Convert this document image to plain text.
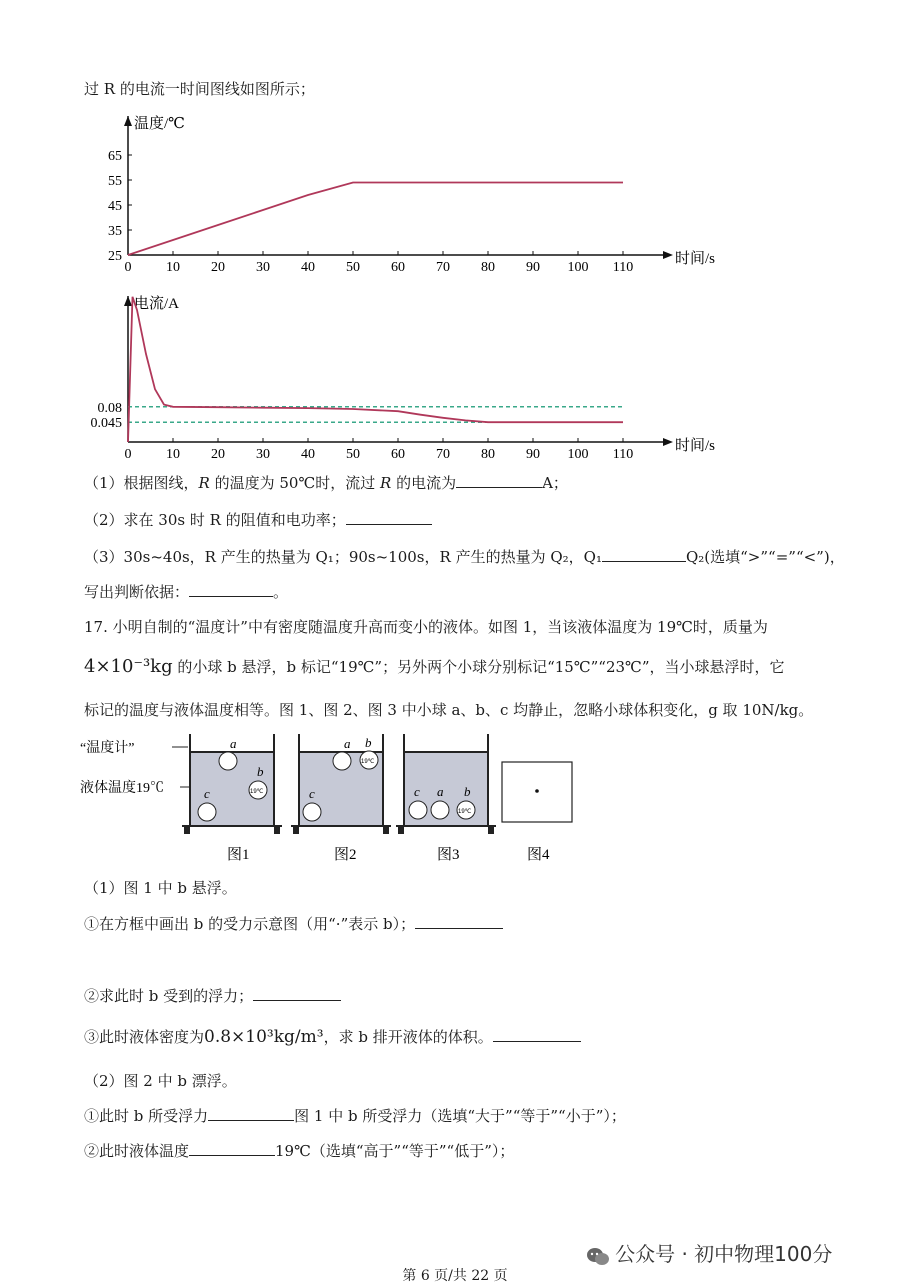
过 R 的电流一时间图线如图所示；
温度/℃
时间/s
0 10 20 30 40 50 60 70 80 90 100 110
65
55
45
35
25
电流/A
时间/s
0 10 20 30 40 50 60 70 80 90 100 110
0.08
0.045
（1）根据图线，R 的温度为 50℃时，流过 R 的电流为	A；
（2）求在 30s 时 R 的阻值和电功率；
（3）30s~40s，R 产生的热量为 Q₁；90s~100s，R 产生的热量为 Q₂，Q₁	Q₂(选填“>”“=”“<”)，
写出判断依据：	。
17. 小明自制的“温度计”中有密度随温度升高而变小的液体。如图 1，当该液体温度为 19℃时，质量为
4×10⁻³kg 的小球 b 悬浮，b 标记“19℃”；另外两个小球分别标记“15℃”“23℃”，当小球悬浮时，它
标记的温度与液体温度相等。图 1、图 2、图 3 中小球 a、b、c 均静止，忽略小球体积变化，g 取 10N/kg。
“温度计”
液体温度19℃
a
19℃
b
c
a
19℃
b
c	c a
19℃
b
图1	图2	图3	图4
（1）图 1 中 b 悬浮。
①在方框中画出 b 的受力示意图（用“·”表示 b）；
②求此时 b 受到的浮力；
③此时液体密度为0.8×10³kg/m³，求 b 排开液体的体积。
（2）图 2 中 b 漂浮。
①此时 b 所受浮力	图 1 中 b 所受浮力（选填“大于”“等于”“小于”）；
②此时液体温度	19℃（选填“高于”“等于”“低于”）；
公众号 · 初中物理100分
第 6 页/共 22 页
